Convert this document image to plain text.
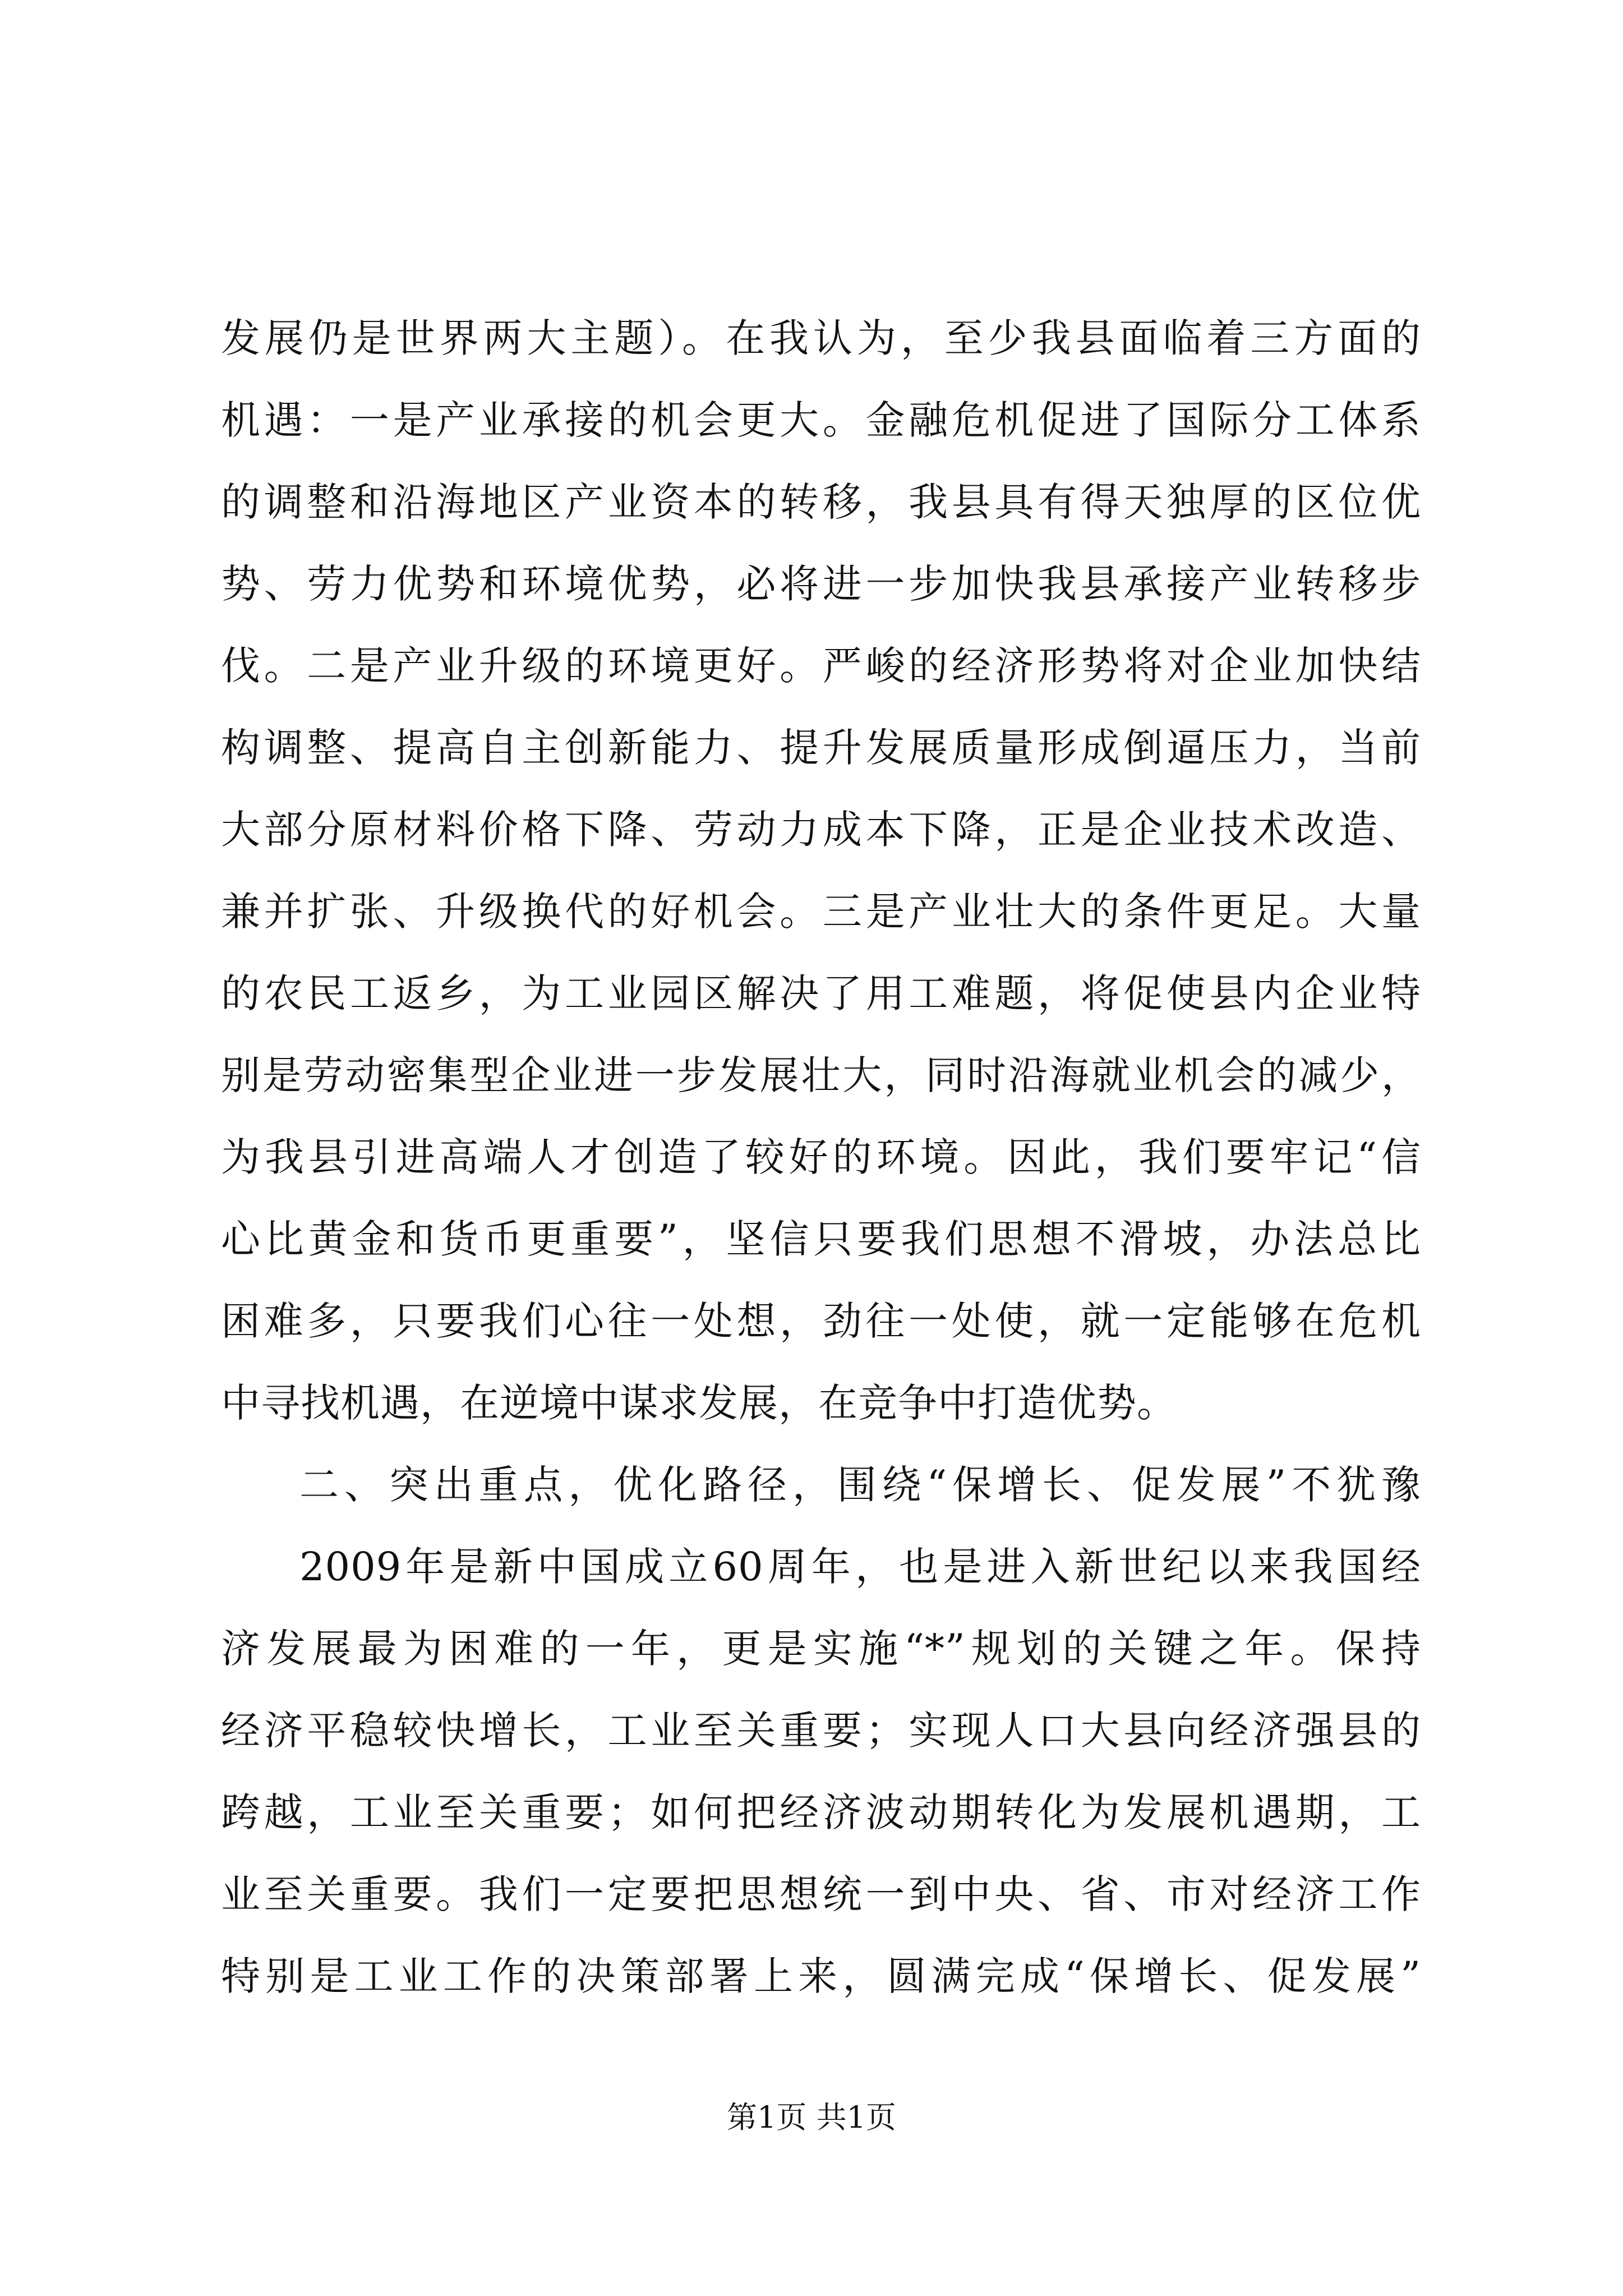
发展仍是世界两大主题）。在我认为，至少我县面临着三方面的
机遇：一是产业承接的机会更大。金融危机促进了国际分工体系
的调整和沿海地区产业资本的转移，我县具有得天独厚的区位优
势、劳力优势和环境优势，必将进一步加快我县承接产业转移步
伐。二是产业升级的环境更好。严峻的经济形势将对企业加快结
构调整、提高自主创新能力、提升发展质量形成倒逼压力，当前
大部分原材料价格下降、劳动力成本下降，正是企业技术改造、
兼并扩张、升级换代的好机会。三是产业壮大的条件更足。大量
的农民工返乡，为工业园区解决了用工难题，将促使县内企业特
别是劳动密集型企业进一步发展壮大，同时沿海就业机会的减少，
为我县引进高端人才创造了较好的环境。因此，我们要牢记“信
心比黄金和货币更重要”，坚信只要我们思想不滑坡，办法总比
困难多，只要我们心往一处想，劲往一处使，就一定能够在危机
中寻找机遇，在逆境中谋求发展，在竞争中打造优势。
二、突出重点，优化路径，围绕“保增长、促发展”不犹豫
2009年是新中国成立60周年，也是进入新世纪以来我国经
济发展最为困难的一年，更是实施“*”规划的关键之年。保持
经济平稳较快增长，工业至关重要；实现人口大县向经济强县的
跨越，工业至关重要；如何把经济波动期转化为发展机遇期，工
业至关重要。我们一定要把思想统一到中央、省、市对经济工作
特别是工业工作的决策部署上来，圆满完成“保增长、促发展”
第1页 共1页
